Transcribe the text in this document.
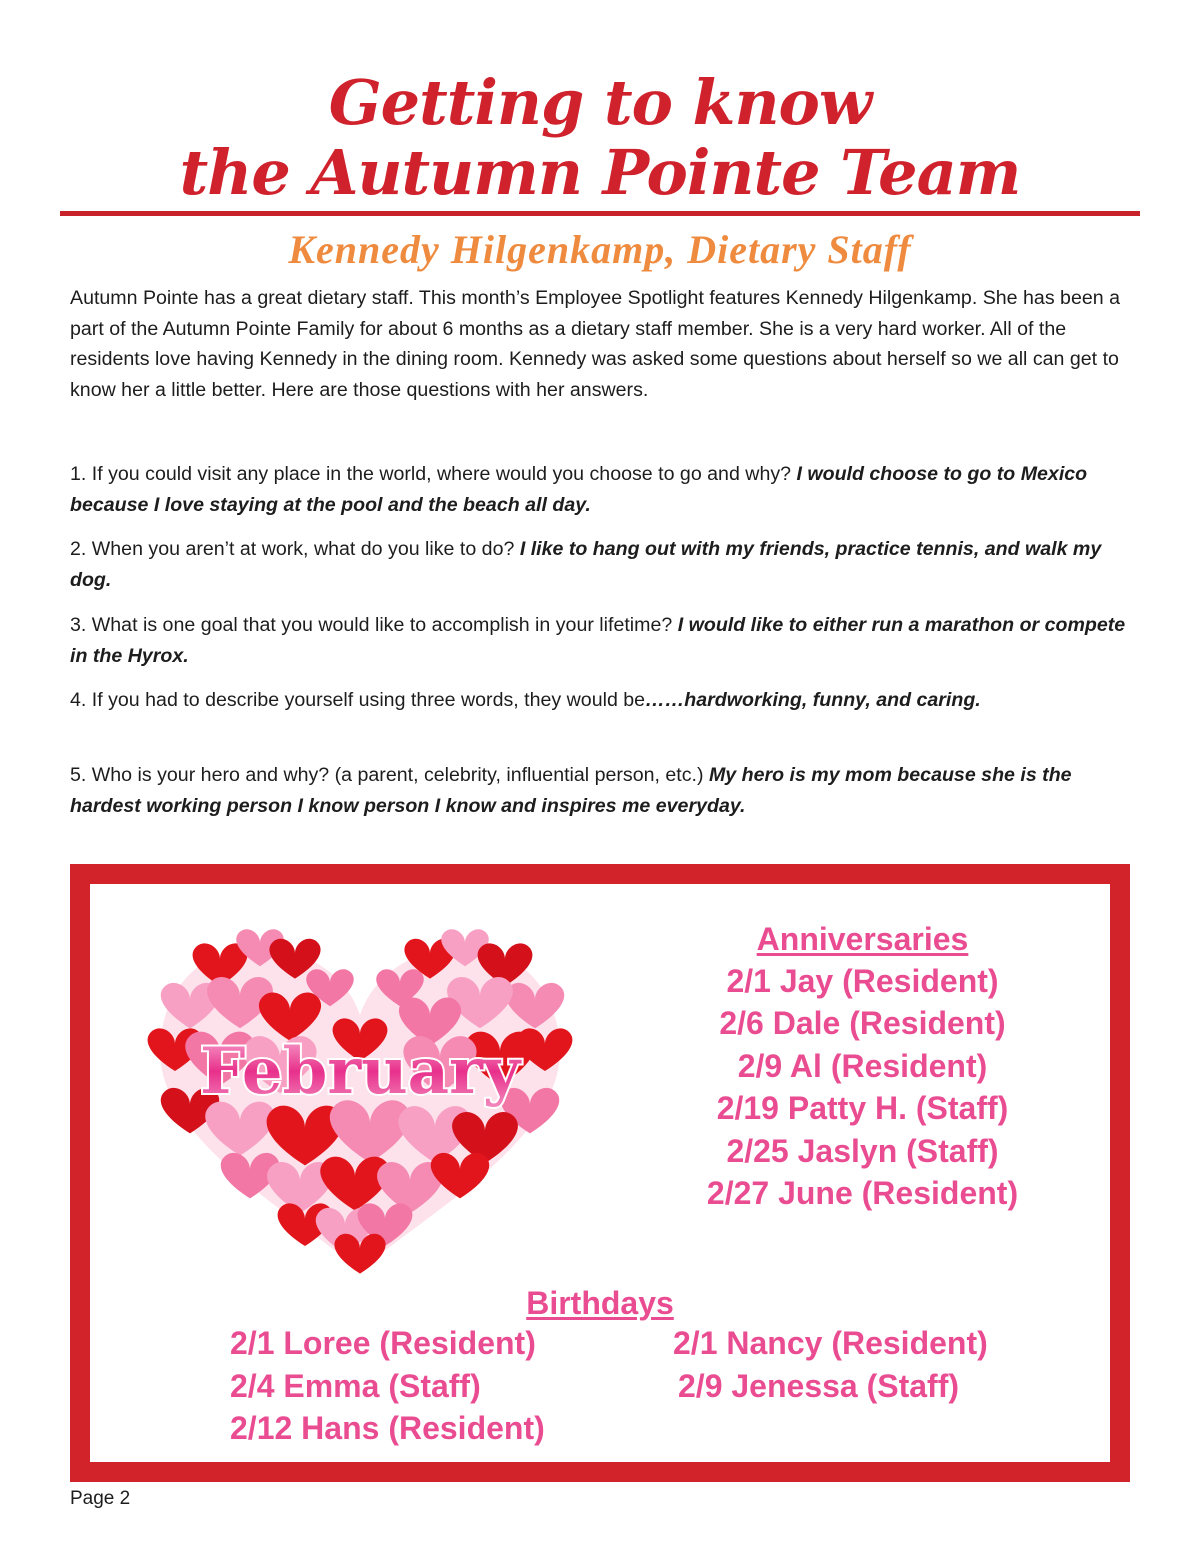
Getting to know
the Autumn Pointe Team
Kennedy Hilgenkamp, Dietary Staff
Autumn Pointe has a great dietary staff. This month’s Employee Spotlight features Kennedy Hilgenkamp. She has been a part of the Autumn Pointe Family for about 6 months as a dietary staff member. She is a very hard worker. All of the residents love having Kennedy in the dining room. Kennedy was asked some questions about herself so we all can get to know her a little better. Here are those questions with her answers.
1. If you could visit any place in the world, where would you choose to go and why? I would choose to go to Mexico because I love staying at the pool and the beach all day.
2. When you aren’t at work, what do you like to do? I like to hang out with my friends, practice tennis, and walk my dog.
3. What is one goal that you would like to accomplish in your lifetime? I would like to either run a marathon or compete in the Hyrox.
4. If you had to describe yourself using three words, they would be……hardworking, funny, and caring.
5. Who is your hero and why? (a parent, celebrity, influential person, etc.) My hero is my mom because she is the hardest working person I know person I know and inspires me everyday.
February
Anniversaries
2/1 Jay (Resident)
2/6 Dale (Resident)
2/9 Al (Resident)
2/19 Patty H. (Staff)
2/25 Jaslyn (Staff)
2/27 June (Resident)
Birthdays
2/1 Loree (Resident)
2/4 Emma (Staff)
2/12 Hans (Resident)
2/1 Nancy (Resident)
2/9 Jenessa (Staff)
Page 2
